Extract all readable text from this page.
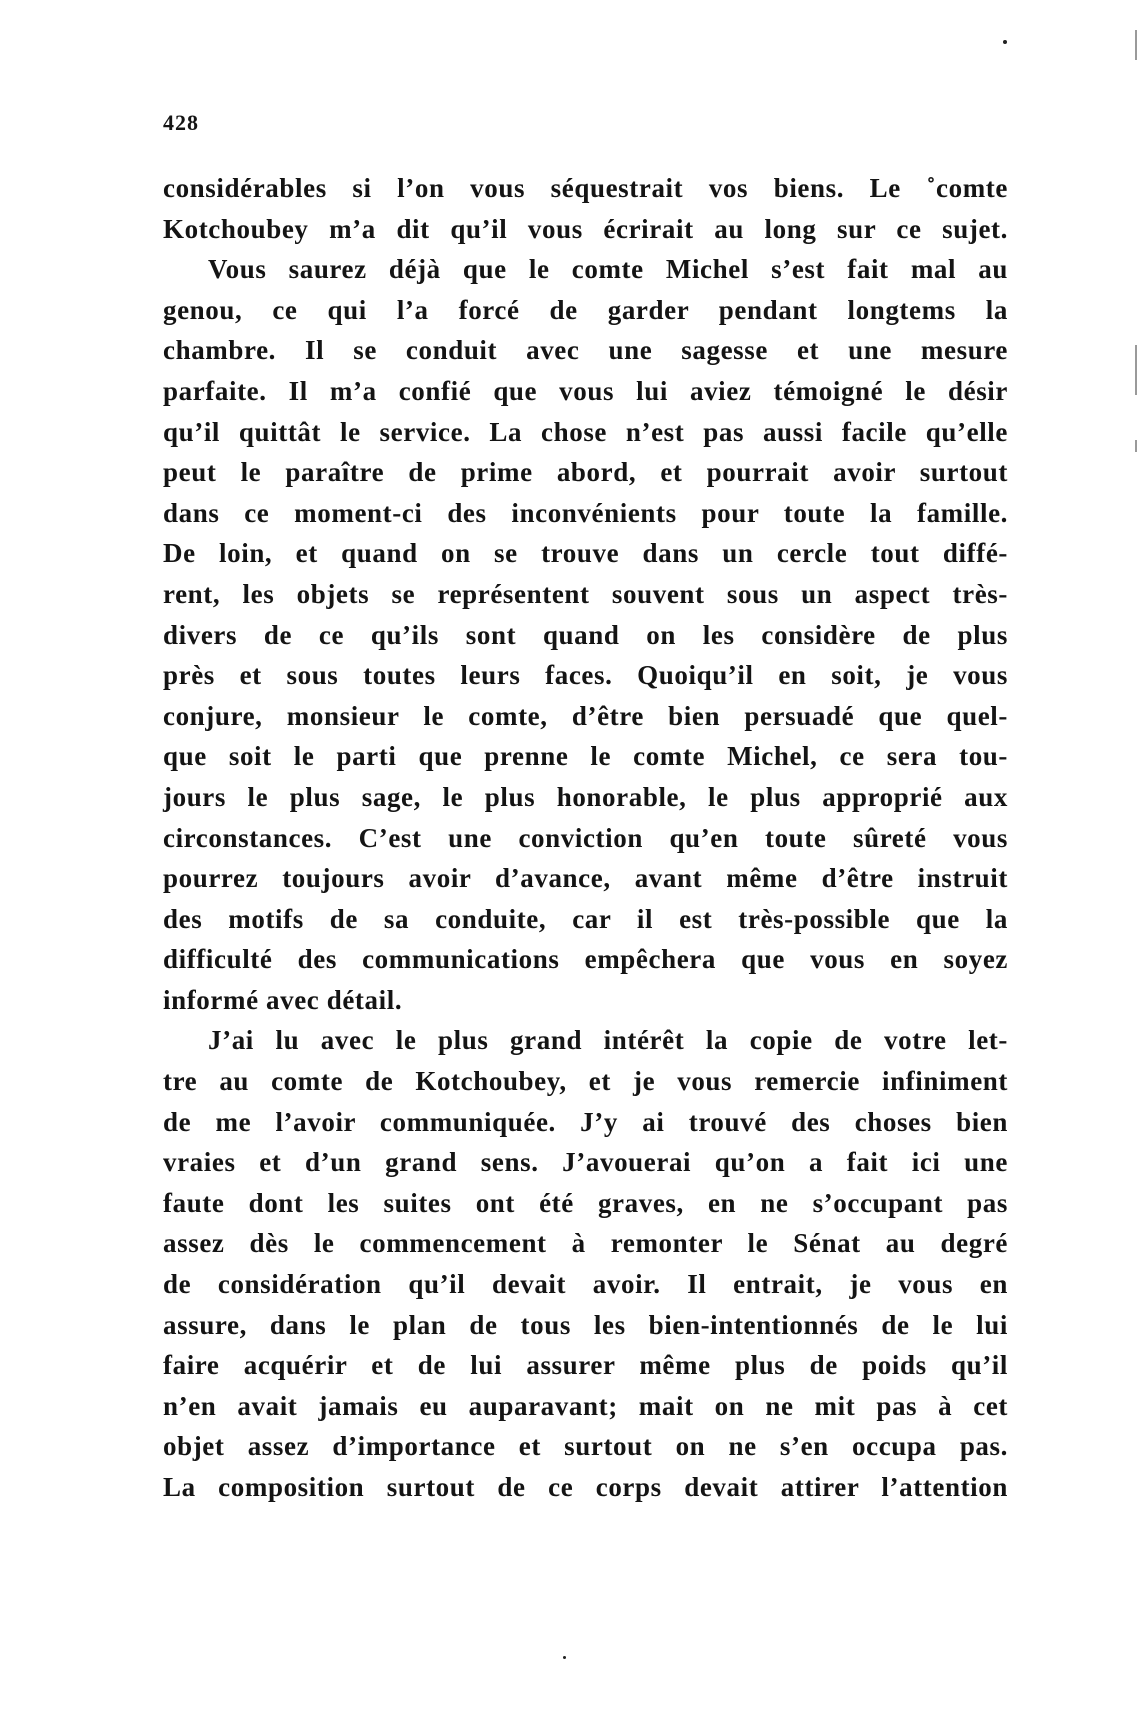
428
considérables si l’on vous séquestrait vos biens. Le ˚comte
Kotchoubey m’a dit qu’il vous écrirait au long sur ce sujet.
Vous saurez déjà que le comte Michel s’est fait mal au
genou, ce qui l’a forcé de garder pendant longtems la
chambre. Il se conduit avec une sagesse et une mesure
parfaite. Il m’a confié que vous lui aviez témoigné le désir
qu’il quittât le service. La chose n’est pas aussi facile qu’elle
peut le paraître de prime abord, et pourrait avoir surtout
dans ce moment-ci des inconvénients pour toute la famille.
De loin, et quand on se trouve dans un cercle tout diffé-
rent, les objets se représentent souvent sous un aspect très-
divers de ce qu’ils sont quand on les considère de plus
près et sous toutes leurs faces. Quoiqu’il en soit, je vous
conjure, monsieur le comte, d’être bien persuadé que quel-
que soit le parti que prenne le comte Michel, ce sera tou-
jours le plus sage, le plus honorable, le plus approprié aux
circonstances. C’est une conviction qu’en toute sûreté vous
pourrez toujours avoir d’avance, avant même d’être instruit
des motifs de sa conduite, car il est très-possible que la
difficulté des communications empêchera que vous en soyez
informé avec détail.
J’ai lu avec le plus grand intérêt la copie de votre let-
tre au comte de Kotchoubey, et je vous remercie infiniment
de me l’avoir communiquée. J’y ai trouvé des choses bien
vraies et d’un grand sens. J’avouerai qu’on a fait ici une
faute dont les suites ont été graves, en ne s’occupant pas
assez dès le commencement à remonter le Sénat au degré
de considération qu’il devait avoir. Il entrait, je vous en
assure, dans le plan de tous les bien-intentionnés de le lui
faire acquérir et de lui assurer même plus de poids qu’il
n’en avait jamais eu auparavant; mait on ne mit pas à cet
objet assez d’importance et surtout on ne s’en occupa pas.
La composition surtout de ce corps devait attirer l’attention
